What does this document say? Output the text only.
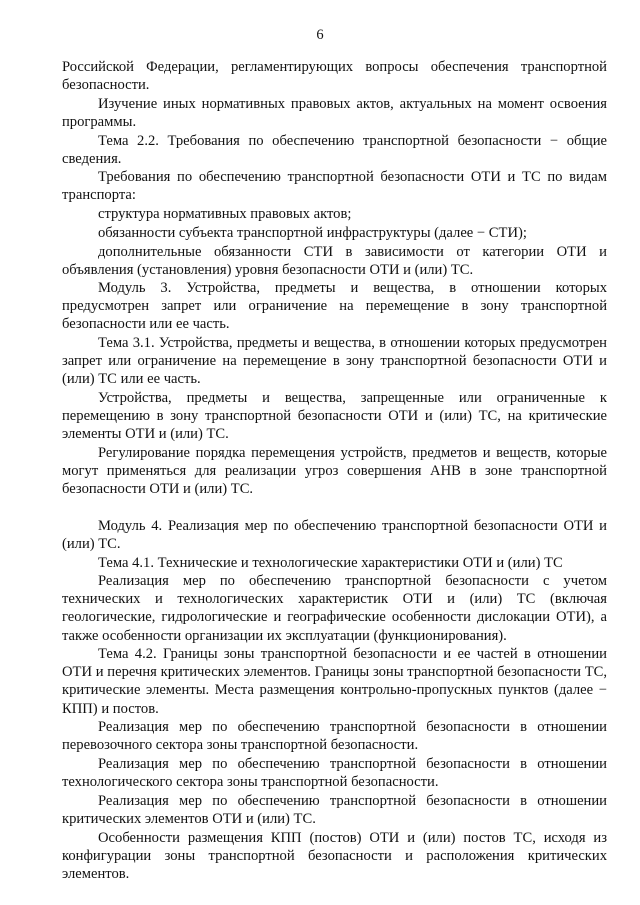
6

Российской Федерации, регламентирующих вопросы обеспечения транспортной безопасности.

Изучение иных нормативных правовых актов, актуальных на момент освоения программы.

Тема 2.2. Требования по обеспечению транспортной безопасности − общие сведения.

Требования по обеспечению транспортной безопасности ОТИ и ТС по видам транспорта:

структура нормативных правовых актов;

обязанности субъекта транспортной инфраструктуры (далее − СТИ);

дополнительные обязанности СТИ в зависимости от категории ОТИ и объявления (установления) уровня безопасности ОТИ и (или) ТС.

Модуль 3. Устройства, предметы и вещества, в отношении которых предусмотрен запрет или ограничение на перемещение в зону транспортной безопасности или ее часть.

Тема 3.1. Устройства, предметы и вещества, в отношении которых предусмотрен запрет или ограничение на перемещение в зону транспортной безопасности ОТИ и (или) ТС или ее часть.

Устройства, предметы и вещества, запрещенные или ограниченные к перемещению в зону транспортной безопасности ОТИ и (или) ТС, на критические элементы ОТИ и (или) ТС.

Регулирование порядка перемещения устройств, предметов и веществ, которые могут применяться для реализации угроз совершения АНВ в зоне транспортной безопасности ОТИ и (или) ТС.

Модуль 4. Реализация мер по обеспечению транспортной безопасности ОТИ и (или) ТС.

Тема 4.1. Технические и технологические характеристики ОТИ и (или) ТС

Реализация мер по обеспечению транспортной безопасности с учетом технических и технологических характеристик ОТИ и (или) ТС (включая геологические, гидрологические и географические особенности дислокации ОТИ), а также особенности организации их эксплуатации (функционирования).

Тема 4.2. Границы зоны транспортной безопасности и ее частей в отношении ОТИ и перечня критических элементов. Границы зоны транспортной безопасности ТС, критические элементы. Места размещения контрольно-пропускных пунктов (далее − КПП) и постов.

Реализация мер по обеспечению транспортной безопасности в отношении перевозочного сектора зоны транспортной безопасности.

Реализация мер по обеспечению транспортной безопасности в отношении технологического сектора зоны транспортной безопасности.

Реализация мер по обеспечению транспортной безопасности в отношении критических элементов ОТИ и (или) ТС.

Особенности размещения КПП (постов) ОТИ и (или) постов ТС, исходя из конфигурации зоны транспортной безопасности и расположения критических элементов.
